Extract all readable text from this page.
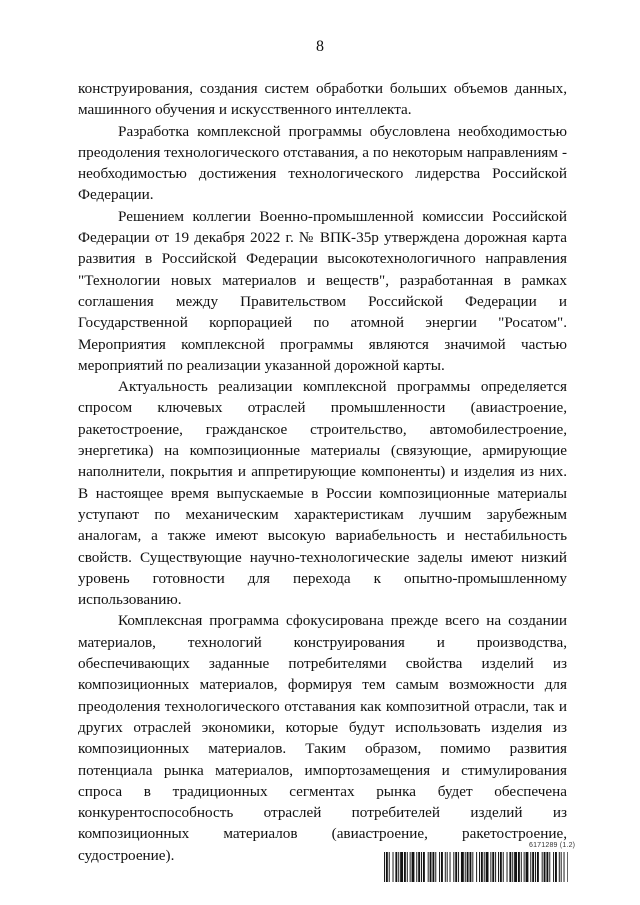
8

конструирования, создания систем обработки больших объемов данных, машинного обучения и искусственного интеллекта.

Разработка комплексной программы обусловлена необходимостью преодоления технологического отставания, а по некоторым направлениям - необходимостью достижения технологического лидерства Российской Федерации.

Решением коллегии Военно-промышленной комиссии Российской Федерации от 19 декабря 2022 г. № ВПК-35р утверждена дорожная карта развития в Российской Федерации высокотехнологичного направления "Технологии новых материалов и веществ", разработанная в рамках соглашения между Правительством Российской Федерации и Государственной корпорацией по атомной энергии "Росатом". Мероприятия комплексной программы являются значимой частью мероприятий по реализации указанной дорожной карты.

Актуальность реализации комплексной программы определяется спросом ключевых отраслей промышленности (авиастроение, ракетостроение, гражданское строительство, автомобилестроение, энергетика) на композиционные материалы (связующие, армирующие наполнители, покрытия и аппретирующие компоненты) и изделия из них. В настоящее время выпускаемые в России композиционные материалы уступают по механическим характеристикам лучшим зарубежным аналогам, а также имеют высокую вариабельность и нестабильность свойств. Существующие научно-технологические заделы имеют низкий уровень готовности для перехода к опытно-промышленному использованию.

Комплексная программа сфокусирована прежде всего на создании материалов, технологий конструирования и производства, обеспечивающих заданные потребителями свойства изделий из композиционных материалов, формируя тем самым возможности для преодоления технологического отставания как композитной отрасли, так и других отраслей экономики, которые будут использовать изделия из композиционных материалов. Таким образом, помимо развития потенциала рынка материалов, импортозамещения и стимулирования спроса в традиционных сегментах рынка будет обеспечена конкурентоспособность отраслей потребителей изделий из композиционных материалов (авиастроение, ракетостроение, судостроение).

6171289 (1.2)
